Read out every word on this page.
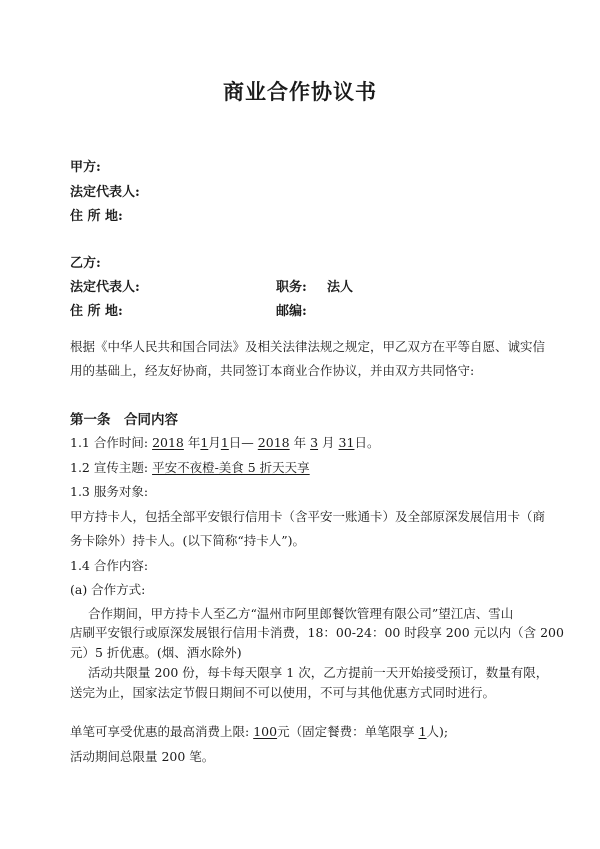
商业合作协议书
甲方:
法定代表人:
住 所 地:
乙方:
法定代表人:	职务: 法人
住 所 地:	邮编:
根据《中华人民共和国合同法》及相关法律法规之规定，甲乙双方在平等自愿、诚实信
用的基础上，经友好协商，共同签订本商业合作协议，并由双方共同恪守:
第一条　合同内容
1.1 合作时间: 2018 年1月1日— 2018 年 3 月 31日。
1.2 宣传主题: 平安不夜橙-美食 5 折天天享
1.3 服务对象:
甲方持卡人，包括全部平安银行信用卡（含平安一账通卡）及全部原深发展信用卡（商
务卡除外）持卡人。(以下简称“持卡人”)。
1.4 合作内容:
(a) 合作方式:
合作期间，甲方持卡人至乙方“温州市阿里郎餐饮管理有限公司”望江店、雪山
店刷平安银行或原深发展银行信用卡消费，18：00-24：00 时段享 200 元以内（含 200
元）5 折优惠。(烟、酒水除外)
活动共限量 200 份，每卡每天限享 1 次，乙方提前一天开始接受预订，数量有限，
送完为止，国家法定节假日期间不可以使用，不可与其他优惠方式同时进行。
单笔可享受优惠的最高消费上限: 100元（固定餐费：单笔限享 1人);
活动期间总限量 200 笔。
